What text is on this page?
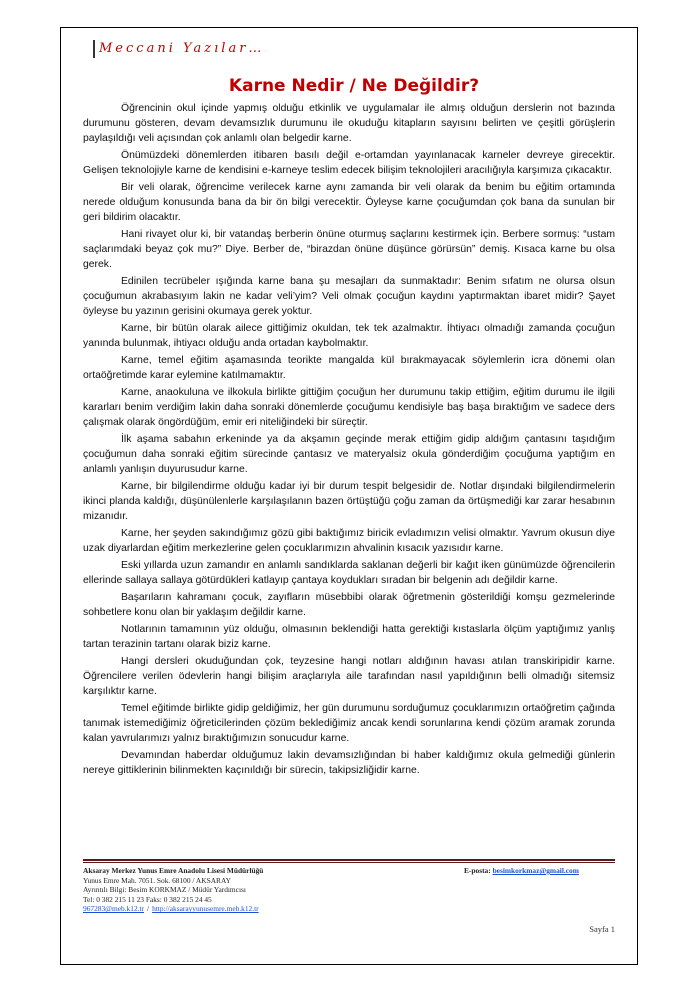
Meccani Yazılar…
Karne Nedir / Ne Değildir?

Öğrencinin okul içinde yapmış olduğu etkinlik ve uygulamalar ile almış olduğun derslerin not bazında durumunu gösteren, devam devamsızlık durumunu ile okuduğu kitapların sayısını belirten ve çeşitli görüşlerin paylaşıldığı veli açısından çok anlamlı olan belgedir karne.

Önümüzdeki dönemlerden itibaren basılı değil e-ortamdan yayınlanacak karneler devreye girecektir. Gelişen teknolojiyle karne de kendisini e-karneye teslim edecek bilişim teknolojileri aracılığıyla karşımıza çıkacaktır.

Bir veli olarak, öğrencime verilecek karne aynı zamanda bir veli olarak da benim bu eğitim ortamında nerede olduğum konusunda bana da bir ön bilgi verecektir. Öyleyse karne çocuğumdan çok bana da sunulan bir geri bildirim olacaktır.

Hani rivayet olur ki, bir vatandaş berberin önüne oturmuş saçlarını kestirmek için. Berbere sormuş: “ustam saçlarımdaki beyaz çok mu?” Diye. Berber de, “birazdan önüne düşünce görürsün” demiş. Kısaca karne bu olsa gerek.

Edinilen tecrübeler ışığında karne bana şu mesajları da sunmaktadır: Benim sıfatım ne olursa olsun çocuğumun akrabasıyım lakin ne kadar veli’yim? Veli olmak çocuğun kaydını yaptırmaktan ibaret midir? Şayet öyleyse bu yazının gerisini okumaya gerek yoktur.

Karne, bir bütün olarak ailece gittiğimiz okuldan, tek tek azalmaktır. İhtiyacı olmadığı zamanda çocuğun yanında bulunmak, ihtiyacı olduğu anda ortadan kaybolmaktır.

Karne, temel eğitim aşamasında teorikte mangalda kül bırakmayacak söylemlerin icra dönemi olan ortaöğretimde karar eylemine katılmamaktır.

Karne, anaokuluna ve ilkokula birlikte gittiğim çocuğun her durumunu takip ettiğim, eğitim durumu ile ilgili kararları benim verdiğim lakin daha sonraki dönemlerde çocuğumu kendisiyle baş başa bıraktığım ve sadece ders çalışmak olarak öngördüğüm, emir eri niteliğindeki bir süreçtir.

İlk aşama sabahın erkeninde ya da akşamın geçinde merak ettiğim gidip aldığım çantasını taşıdığım çocuğumun daha sonraki eğitim sürecinde çantasız ve materyalsiz okula gönderdiğim çocuğuma yaptığım en anlamlı yanlışın duyurusudur karne.

Karne, bir bilgilendirme olduğu kadar iyi bir durum tespit belgesidir de. Notlar dışındaki bilgilendirmelerin ikinci planda kaldığı, düşünülenlerle karşılaşılanın bazen örtüştüğü çoğu zaman da örtüşmediği kar zarar hesabının mizanıdır.

Karne, her şeyden sakındığımız gözü gibi baktığımız biricik evladımızın velisi olmaktır. Yavrum okusun diye uzak diyarlardan eğitim merkezlerine gelen çocuklarımızın ahvalinin kısacık yazısıdır karne.

Eski yıllarda uzun zamandır en anlamlı sandıklarda saklanan değerli bir kağıt iken günümüzde öğrencilerin ellerinde sallaya sallaya götürdükleri katlayıp çantaya koydukları sıradan bir belgenin adı değildir karne.

Başarıların kahramanı çocuk, zayıfların müsebbibi olarak öğretmenin gösterildiği komşu gezmelerinde sohbetlere konu olan bir yaklaşım değildir karne.

Notlarının tamamının yüz olduğu, olmasının beklendiği hatta gerektiği kıstaslarla ölçüm yaptığımız yanlış tartan terazinin tartanı olarak biziz karne.

Hangi dersleri okuduğundan çok, teyzesine hangi notları aldığının havası atılan transkiripidir karne. Öğrencilere verilen ödevlerin hangi bilişim araçlarıyla aile tarafından nasıl yapıldığının belli olmadığı sitemsiz karşılıktır karne.

Temel eğitimde birlikte gidip geldiğimiz, her gün durumunu sorduğumuz çocuklarımızın ortaöğretim çağında tanımak istemediğimiz öğreticilerinden çözüm beklediğimiz ancak kendi sorunlarına kendi çözüm aramak zorunda kalan yavrularımızı yalnız bıraktığımızın sonucudur karne.

Devamından haberdar olduğumuz lakin devamsızlığından bi haber kaldığımız okula gelmediği günlerin nereye gittiklerinin bilinmekten kaçınıldığı bir sürecin, takipsizliğidir karne.

Aksaray Merkez Yunus Emre Anadolu Lisesi Müdürlüğü
Yunus Emre Mah. 7051. Sok. 68100 / AKSARAY
Ayrıntılı Bilgi: Besim KORKMAZ / Müdür Yardımcısı
Tel: 0 382 215 11 23 Faks: 0 382 215 24 45
967283@meb.k12.tr / http://aksarayyunusemre.meb.k12.tr
E-posta: besimkorkmaz@gmail.com
Sayfa 1
